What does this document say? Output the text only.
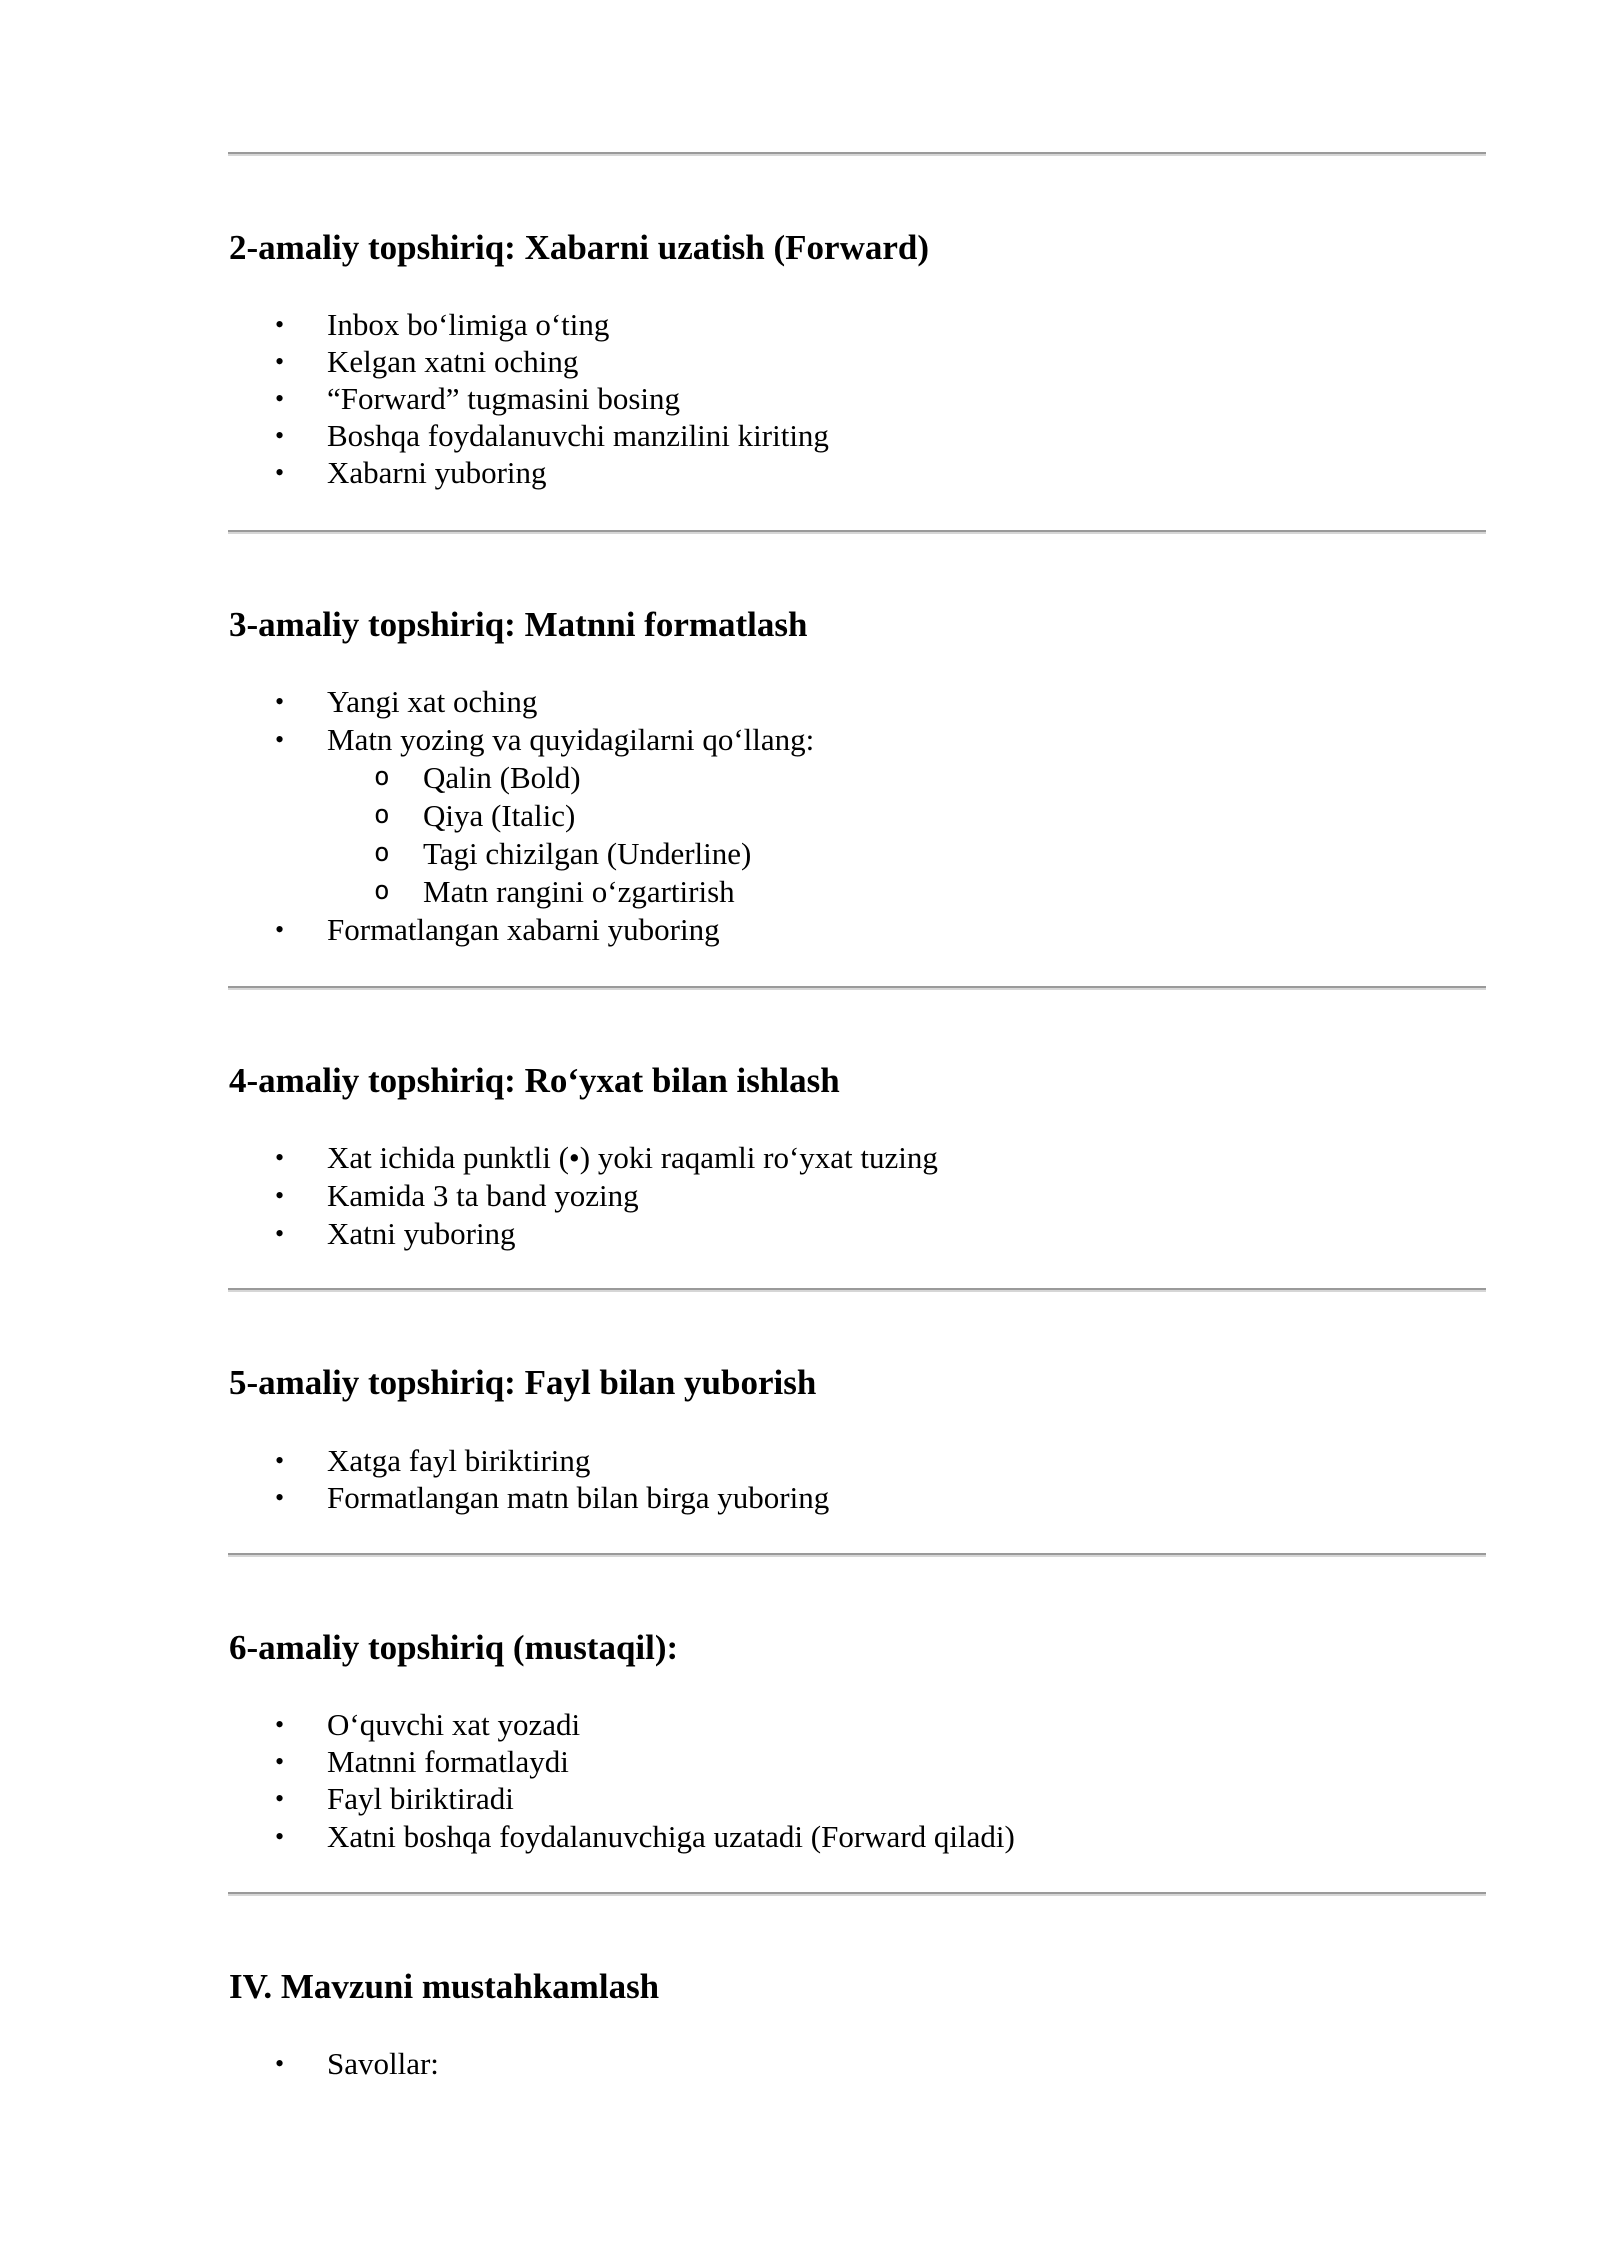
2-amaliy topshiriq: Xabarni uzatish (Forward)
• Inbox bo‘limiga o‘ting
• Kelgan xatni oching
• “Forward” tugmasini bosing
• Boshqa foydalanuvchi manzilini kiriting
• Xabarni yuboring
3-amaliy topshiriq: Matnni formatlash
• Yangi xat oching
• Matn yozing va quyidagilarni qo‘llang:
o Qalin (Bold)
o Qiya (Italic)
o Tagi chizilgan (Underline)
o Matn rangini o‘zgartirish
• Formatlangan xabarni yuboring
4-amaliy topshiriq: Ro‘yxat bilan ishlash
• Xat ichida punktli (•) yoki raqamli ro‘yxat tuzing
• Kamida 3 ta band yozing
• Xatni yuboring
5-amaliy topshiriq: Fayl bilan yuborish
• Xatga fayl biriktiring
• Formatlangan matn bilan birga yuboring
6-amaliy topshiriq (mustaqil):
• O‘quvchi xat yozadi
• Matnni formatlaydi
• Fayl biriktiradi
• Xatni boshqa foydalanuvchiga uzatadi (Forward qiladi)
IV. Mavzuni mustahkamlash
• Savollar:
